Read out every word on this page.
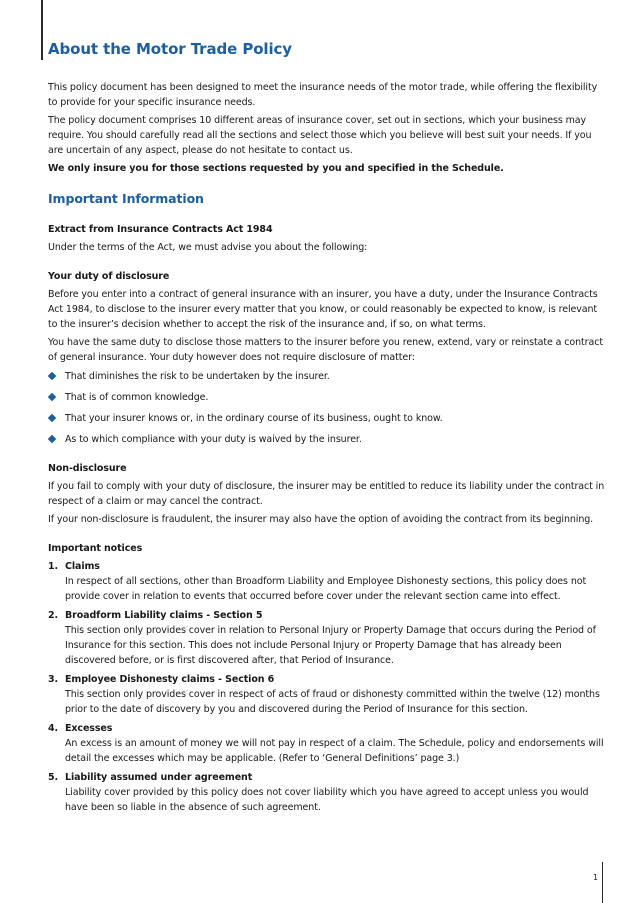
About the Motor Trade Policy

This policy document has been designed to meet the insurance needs of the motor trade, while offering the flexibility to provide for your specific insurance needs.

The policy document comprises 10 different areas of insurance cover, set out in sections, which your business may require. You should carefully read all the sections and select those which you believe will best suit your needs. If you are uncertain of any aspect, please do not hesitate to contact us.

We only insure you for those sections requested by you and specified in the Schedule.

Important Information
Extract from Insurance Contracts Act 1984

Under the terms of the Act, we must advise you about the following:

Your duty of disclosure

Before you enter into a contract of general insurance with an insurer, you have a duty, under the Insurance Contracts Act 1984, to disclose to the insurer every matter that you know, or could reasonably be expected to know, is relevant to the insurer’s decision whether to accept the risk of the insurance and, if so, on what terms.

You have the same duty to disclose those matters to the insurer before you renew, extend, vary or reinstate a contract of general insurance. Your duty however does not require disclosure of matter:

That diminishes the risk to be undertaken by the insurer.
That is of common knowledge.
That your insurer knows or, in the ordinary course of its business, ought to know.
As to which compliance with your duty is waived by the insurer.
Non-disclosure

If you fail to comply with your duty of disclosure, the insurer may be entitled to reduce its liability under the contract in respect of a claim or may cancel the contract.

If your non-disclosure is fraudulent, the insurer may also have the option of avoiding the contract from its beginning.

Important notices
1. Claims
In respect of all sections, other than Broadform Liability and Employee Dishonesty sections, this policy does not provide cover in relation to events that occurred before cover under the relevant section came into effect.
2. Broadform Liability claims - Section 5
This section only provides cover in relation to Personal Injury or Property Damage that occurs during the Period of Insurance for this section. This does not include Personal Injury or Property Damage that has already been discovered before, or is first discovered after, that Period of Insurance.
3. Employee Dishonesty claims - Section 6
This section only provides cover in respect of acts of fraud or dishonesty committed within the twelve (12) months prior to the date of discovery by you and discovered during the Period of Insurance for this section.
4. Excesses
An excess is an amount of money we will not pay in respect of a claim. The Schedule, policy and endorsements will detail the excesses which may be applicable. (Refer to ‘General Definitions’ page 3.)
5. Liability assumed under agreement
Liability cover provided by this policy does not cover liability which you have agreed to accept unless you would have been so liable in the absence of such agreement.
1
